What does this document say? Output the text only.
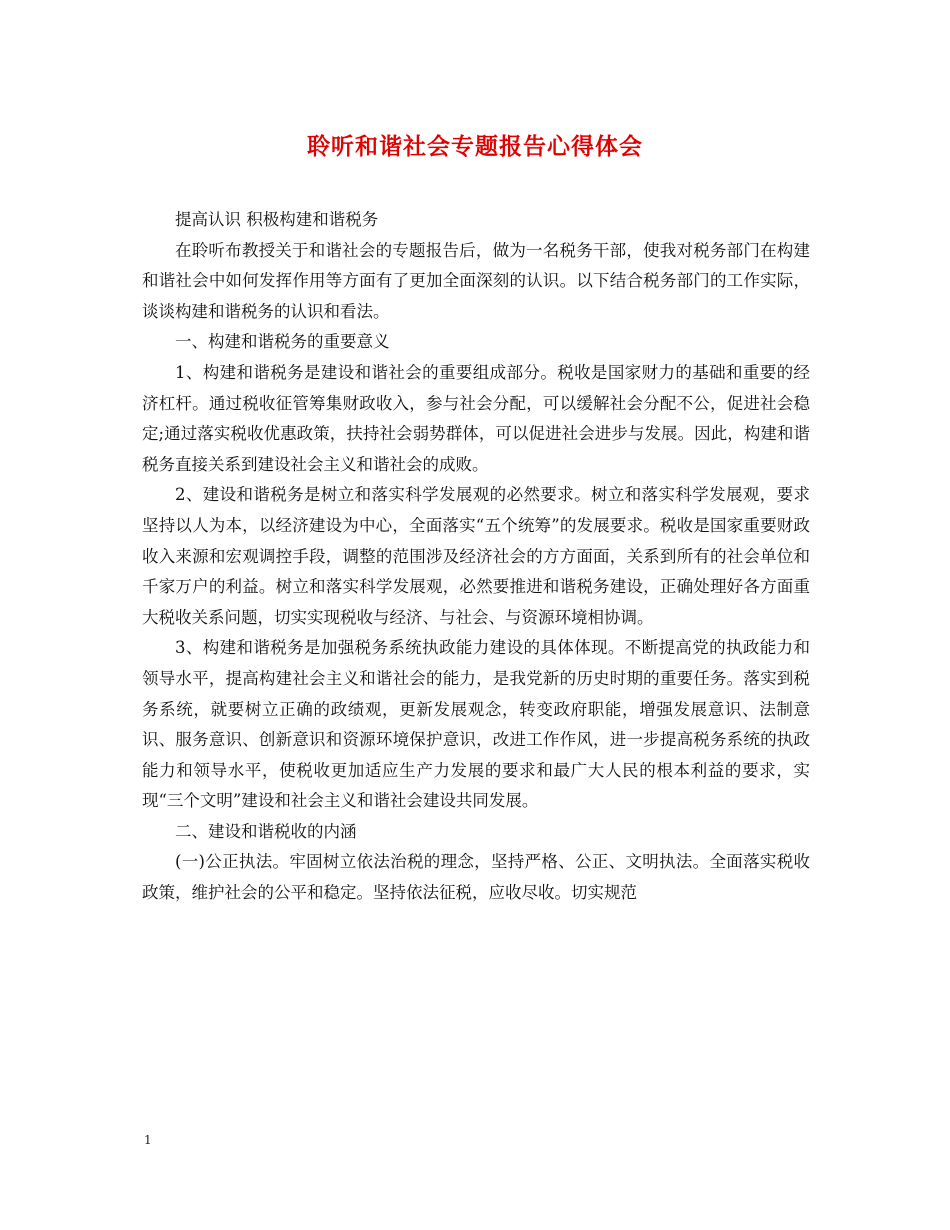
聆听和谐社会专题报告心得体会

提高认识 积极构建和谐税务

在聆听布教授关于和谐社会的专题报告后，做为一名税务干部，使我对税务部门在构建和谐社会中如何发挥作用等方面有了更加全面深刻的认识。以下结合税务部门的工作实际，谈谈构建和谐税务的认识和看法。

一、构建和谐税务的重要意义

1、构建和谐税务是建设和谐社会的重要组成部分。税收是国家财力的基础和重要的经济杠杆。通过税收征管筹集财政收入，参与社会分配，可以缓解社会分配不公，促进社会稳定;通过落实税收优惠政策，扶持社会弱势群体，可以促进社会进步与发展。因此，构建和谐税务直接关系到建设社会主义和谐社会的成败。

2、建设和谐税务是树立和落实科学发展观的必然要求。树立和落实科学发展观，要求坚持以人为本，以经济建设为中心，全面落实“五个统筹”的发展要求。税收是国家重要财政收入来源和宏观调控手段，调整的范围涉及经济社会的方方面面，关系到所有的社会单位和千家万户的利益。树立和落实科学发展观，必然要推进和谐税务建设，正确处理好各方面重大税收关系问题，切实实现税收与经济、与社会、与资源环境相协调。

3、构建和谐税务是加强税务系统执政能力建设的具体体现。不断提高党的执政能力和领导水平，提高构建社会主义和谐社会的能力，是我党新的历史时期的重要任务。落实到税务系统，就要树立正确的政绩观，更新发展观念，转变政府职能，增强发展意识、法制意识、服务意识、创新意识和资源环境保护意识，改进工作作风，进一步提高税务系统的执政能力和领导水平，使税收更加适应生产力发展的要求和最广大人民的根本利益的要求，实现“三个文明”建设和社会主义和谐社会建设共同发展。

二、建设和谐税收的内涵

(一)公正执法。牢固树立依法治税的理念，坚持严格、公正、文明执法。全面落实税收政策，维护社会的公平和稳定。坚持依法征税，应收尽收。切实规范

1
